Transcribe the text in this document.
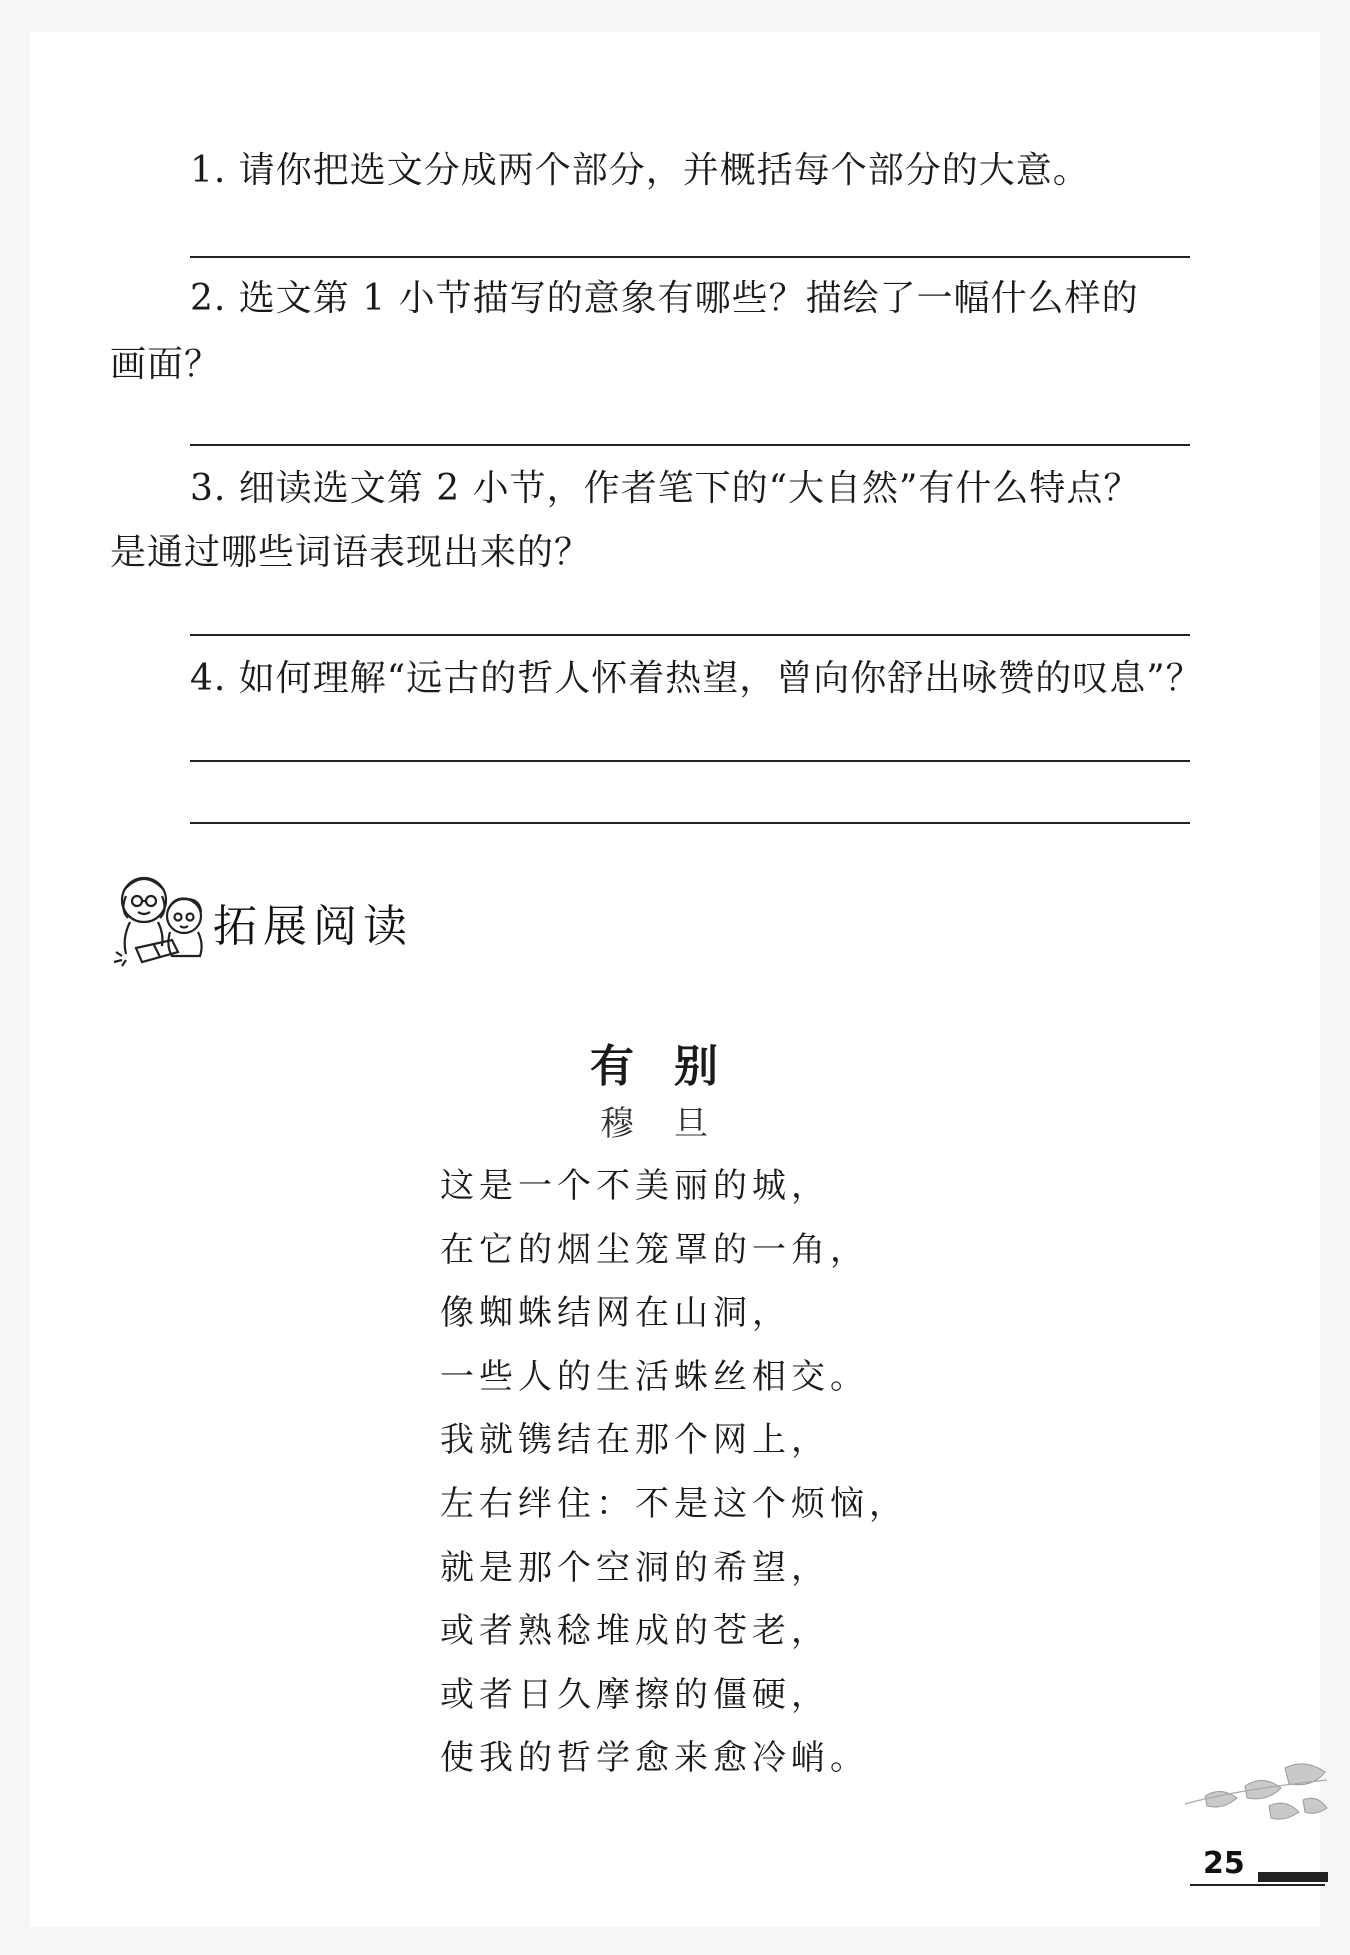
1. 请你把选文分成两个部分，并概括每个部分的大意。
2. 选文第 1 小节描写的意象有哪些？描绘了一幅什么样的
画面？
3. 细读选文第 2 小节，作者笔下的“大自然”有什么特点？
是通过哪些词语表现出来的？
4. 如何理解“远古的哲人怀着热望，曾向你舒出咏赞的叹息”？
拓展阅读
有别
穆旦
这是一个不美丽的城，
在它的烟尘笼罩的一角，
像蜘蛛结网在山洞，
一些人的生活蛛丝相交。
我就镌结在那个网上，
左右绊住：不是这个烦恼，
就是那个空洞的希望，
或者熟稔堆成的苍老，
或者日久摩擦的僵硬，
使我的哲学愈来愈冷峭。
25
